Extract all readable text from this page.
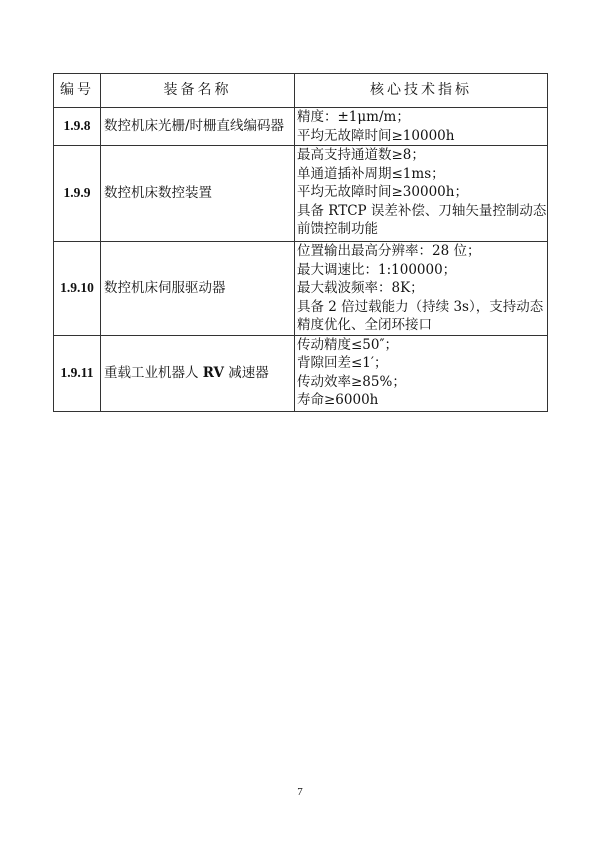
编号	装备名称	核心技术指标
1.9.8	数控机床光栅/时栅直线编码器	精度：±1μm/m；
平均无故障时间≥10000h

1.9.9	数控机床数控装置	最高支持通道数≥8；
单通道插补周期≤1ms；
平均无故障时间≥30000h；
具备 RTCP 误差补偿、刀轴矢量控制动态
前馈控制功能

1.9.10	数控机床伺服驱动器	位置输出最高分辨率：28 位；
最大调速比：1:100000；
最大载波频率：8K；
具备 2 倍过载能力（持续 3s），支持动态
精度优化、全闭环接口

1.9.11	重载工业机器人 RV 减速器	传动精度≤50″；
背隙回差≤1′；
传动效率≥85%；
寿命≥6000h
7
